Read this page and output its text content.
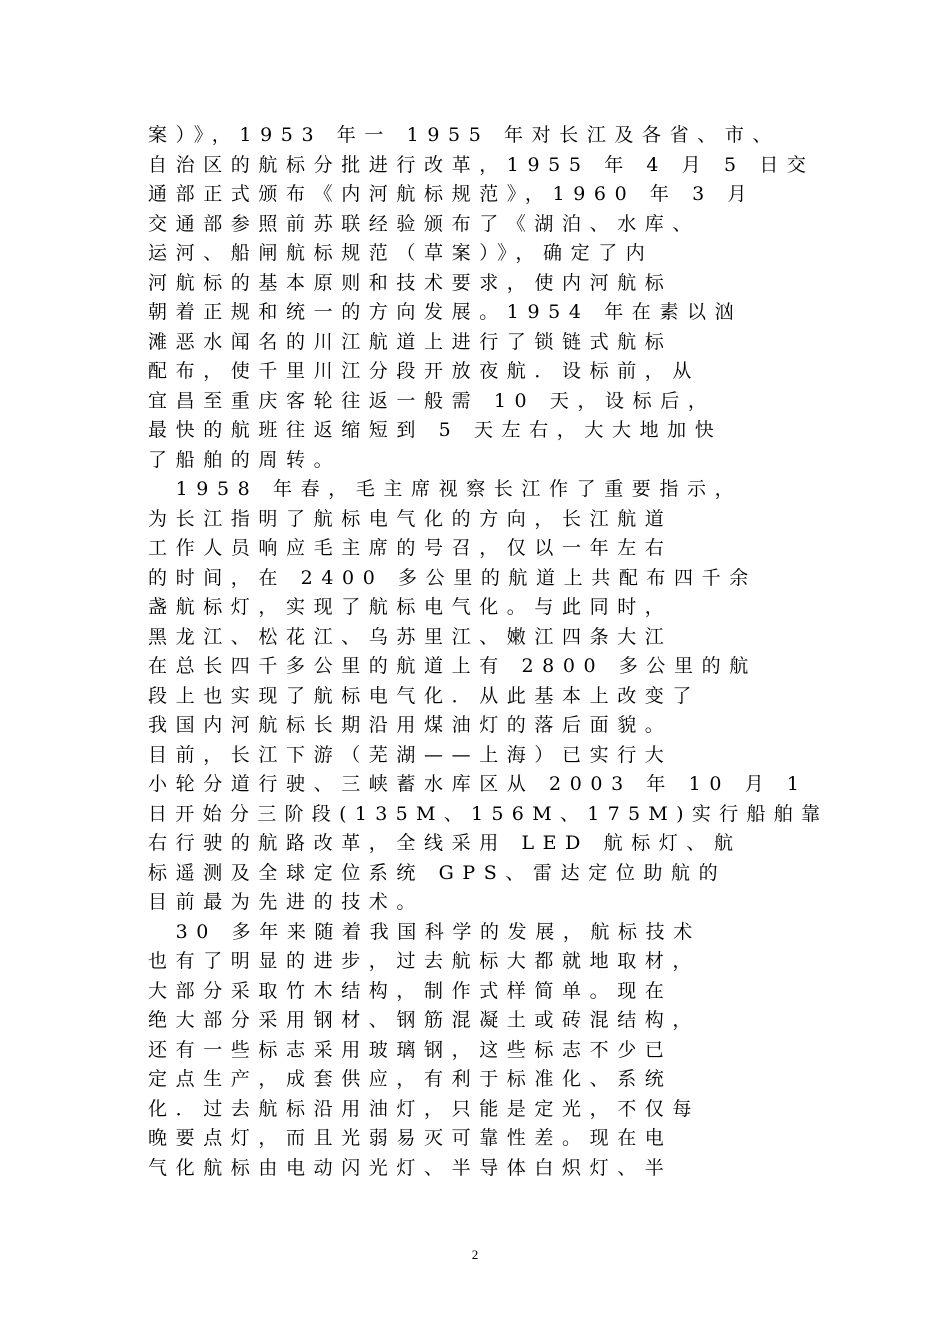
案）》，1953 年一 1955 年对长江及各省、市、
自治区的航标分批进行改革，1955 年 4 月 5 日交
通部正式颁布《内河航标规范》，1960 年 3 月
交通部参照前苏联经验颁布了《湖泊、水库、
运河、船闸航标规范（草案）》，确定了内
河航标的基本原则和技术要求，使内河航标
朝着正规和统一的方向发展。1954 年在素以汹
滩恶水闻名的川江航道上进行了锁链式航标
配布，使千里川江分段开放夜航．设标前，从
宜昌至重庆客轮往返一般需 10 天，设标后，
最快的航班往返缩短到 5 天左右，大大地加快
了船舶的周转。
　1958 年春，毛主席视察长江作了重要指示，
为长江指明了航标电气化的方向，长江航道
工作人员响应毛主席的号召，仅以一年左右
的时间，在 2400 多公里的航道上共配布四千余
盏航标灯，实现了航标电气化。与此同时，
黑龙江、松花江、乌苏里江、嫩江四条大江
在总长四千多公里的航道上有 2800 多公里的航
段上也实现了航标电气化．从此基本上改变了
我国内河航标长期沿用煤油灯的落后面貌。
目前，长江下游（芜湖——上海）已实行大
小轮分道行驶、三峡蓄水库区从 2003 年 10 月 1
日开始分三阶段(135M、156M、175M)实行船舶靠
右行驶的航路改革，全线采用 LED 航标灯、航
标遥测及全球定位系统 GPS、雷达定位助航的
目前最为先进的技术。
　30 多年来随着我国科学的发展，航标技术
也有了明显的进步，过去航标大都就地取材，
大部分采取竹木结构，制作式样简单。现在
绝大部分采用钢材、钢筋混凝土或砖混结构，
还有一些标志采用玻璃钢，这些标志不少已
定点生产，成套供应，有利于标准化、系统
化．过去航标沿用油灯，只能是定光，不仅每
晚要点灯，而且光弱易灭可靠性差。现在电
气化航标由电动闪光灯、半导体白炽灯、半
2
